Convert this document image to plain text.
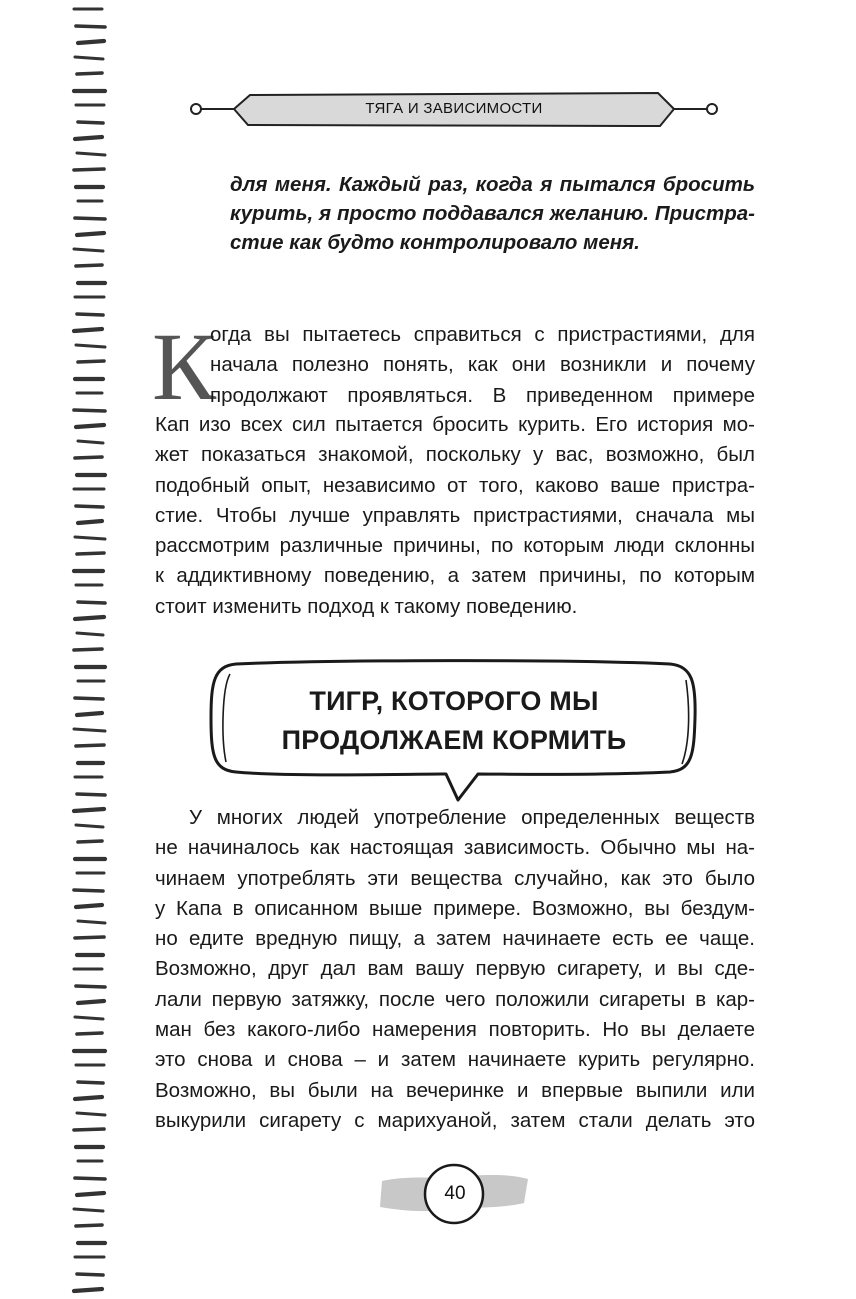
ТЯГА И ЗАВИСИМОСТИ
для меня. Каждый раз, когда я пытался бросить
курить, я просто поддавался желанию. Пристра-
стие как будто контролировало меня.
К
огда вы пытаетесь справиться с пристрастиями, для
начала полезно понять, как они возникли и почему
продолжают проявляться. В приведенном примере
Кап изо всех сил пытается бросить курить. Его история мо-
жет показаться знакомой, поскольку у вас, возможно, был
подобный опыт, независимо от того, каково ваше пристра-
стие. Чтобы лучше управлять пристрастиями, сначала мы
рассмотрим различные причины, по которым люди склонны
к аддиктивному поведению, а затем причины, по которым
стоит изменить подход к такому поведению.
ТИГР, КОТОРОГО МЫ
ПРОДОЛЖАЕМ КОРМИТЬ
У многих людей употребление определенных веществ
не начиналось как настоящая зависимость. Обычно мы на-
чинаем употреблять эти вещества случайно, как это было
у Капа в описанном выше примере. Возможно, вы бездум-
но едите вредную пищу, а затем начинаете есть ее чаще.
Возможно, друг дал вам вашу первую сигарету, и вы сде-
лали первую затяжку, после чего положили сигареты в кар-
ман без какого-либо намерения повторить. Но вы делаете
это снова и снова – и затем начинаете курить регулярно.
Возможно, вы были на вечеринке и впервые выпили или
выкурили сигарету с марихуаной, затем стали делать это
40
